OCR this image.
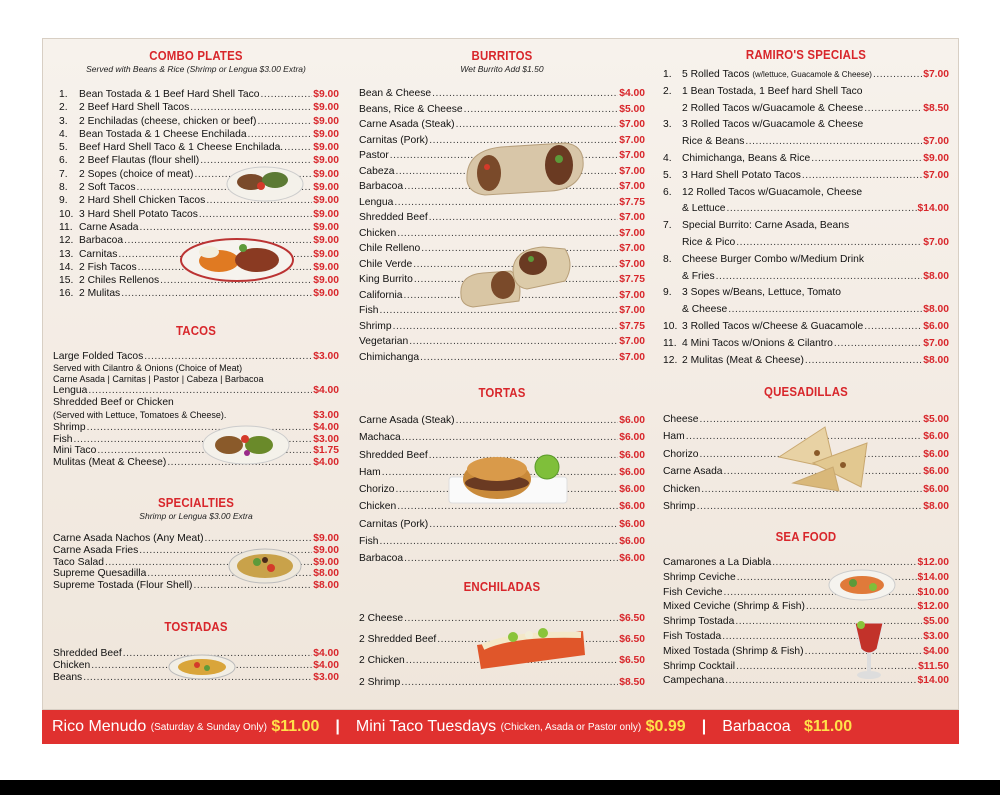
COMBO PLATES
Served with Beans & Rice (Shrimp or Lengua $3.00 Extra)
1.	Bean Tostada & 1 Beef Hard Shell Taco .....	$9.00
2.	2 Beef Hard Shell Tacos .....	$9.00
3.	2 Enchiladas (cheese, chicken or beef) .....	$9.00
4.	Bean Tostada & 1 Cheese Enchilada .....	$9.00
5.	Beef Hard Shell Taco & 1 Cheese Enchilada. .....	$9.00
6.	2 Beef Flautas (flour shell) .....	$9.00
7.	2 Sopes (choice of meat) .....	$9.00
8.	2 Soft Tacos .....	$9.00
9.	2 Hard Shell Chicken Tacos .....	$9.00
10. 3 Hard Shell Potato Tacos .....	$9.00
11. Carne Asada .....	$9.00
12. Barbacoa .....	$9.00
13. Carnitas .....	$9.00
14. 2 Fish Tacos .....	$9.00
15. 2 Chiles Rellenos .....	$9.00
16. 2 Mulitas .....	$9.00
TACOS
Large Folded Tacos .....	$3.00
Served with Cilantro & Onions (Choice of Meat)
Carne Asada | Carnitas | Pastor | Cabeza | Barbacoa
Lengua .....	$4.00
Shredded Beef or Chicken
(Served with Lettuce, Tomatoes & Cheese).	$3.00
Shrimp .....	$4.00
Fish .....	$3.00
Mini Taco .....	$1.75
Mulitas (Meat & Cheese) .....	$4.00
SPECIALTIES
Shrimp or Lengua $3.00 Extra
Carne Asada Nachos (Any Meat) .....	$9.00
Carne Asada Fries .....	$9.00
Taco Salad .....	$9.00
Supreme Quesadilla .....	$8.00
Supreme Tostada (Flour Shell) .....	$8.00
TOSTADAS
Shredded Beef .....	$4.00
Chicken .....	$4.00
Beans .....	$3.00
BURRITOS
Wet Burrito Add $1.50
Bean & Cheese .....	$4.00
Beans, Rice & Cheese .....	$5.00
Carne Asada (Steak) .....	$7.00
Carnitas (Pork) .....	$7.00
Pastor .....	$7.00
Cabeza .....	$7.00
Barbacoa .....	$7.00
Lengua .....	$7.75
Shredded Beef .....	$7.00
Chicken .....	$7.00
Chile Relleno .....	$7.00
Chile Verde .....	$7.00
King Burrito .....	$7.75
California .....	$7.00
Fish .....	$7.00
Shrimp .....	$7.75
Vegetarian .....	$7.00
Chimichanga .....	$7.00
TORTAS
Carne Asada (Steak) .....	$6.00
Machaca .....	$6.00
Shredded Beef .....	$6.00
Ham .....	$6.00
Chorizo .....	$6.00
Chicken .....	$6.00
Carnitas (Pork) .....	$6.00
Fish .....	$6.00
Barbacoa .....	$6.00
ENCHILADAS
2 Cheese .....	$6.50
2 Shredded Beef .....	$6.50
2 Chicken .....	$6.50
2 Shrimp .....	$8.50
RAMIRO'S SPECIALS
1.	5 Rolled Tacos (w/lettuce, Guacamole & Cheese) .....	$7.00
2.	1 Bean Tostada, 1 Beef hard Shell Taco
2 Rolled Tacos w/Guacamole & Cheese .....	$8.50
3.	3 Rolled Tacos w/Guacamole & Cheese
Rice & Beans .....	$7.00
4.	Chimichanga, Beans & Rice .....	$9.00
5.	3 Hard Shell Potato Tacos .....	$7.00
6.	12 Rolled Tacos w/Guacamole, Cheese
& Lettuce .....	$14.00
7.	Special Burrito: Carne Asada, Beans
Rice & Pico .....	$7.00
8.	Cheese Burger Combo w/Medium Drink
& Fries .....	$8.00
9.	3 Sopes w/Beans, Lettuce, Tomato
& Cheese .....	$8.00
10. 3 Rolled Tacos w/Cheese & Guacamole .....	$6.00
11. 4 Mini Tacos w/Onions & Cilantro .....	$7.00
12. 2 Mulitas (Meat & Cheese) .....	$8.00
QUESADILLAS
Cheese .....	$5.00
Ham .....	$6.00
Chorizo .....	$6.00
Carne Asada .....	$6.00
Chicken .....	$6.00
Shrimp .....	$8.00
SEA FOOD
Camarones a La Diabla .....	$12.00
Shrimp Ceviche .....	$14.00
Fish Ceviche .....	$10.00
Mixed Ceviche (Shrimp & Fish) .....	$12.00
Shrimp Tostada .....	$5.00
Fish Tostada .....	$3.00
Mixed Tostada (Shrimp & Fish) .....	$4.00
Shrimp Cocktail .....	$11.50
Campechana .....	$14.00
Rico Menudo
(Saturday & Sunday Only)
$11.00 | Mini Taco Tuesdays
(Chicken, Asada or Pastor only)
$0.99 | Barbacoa
$11.00
